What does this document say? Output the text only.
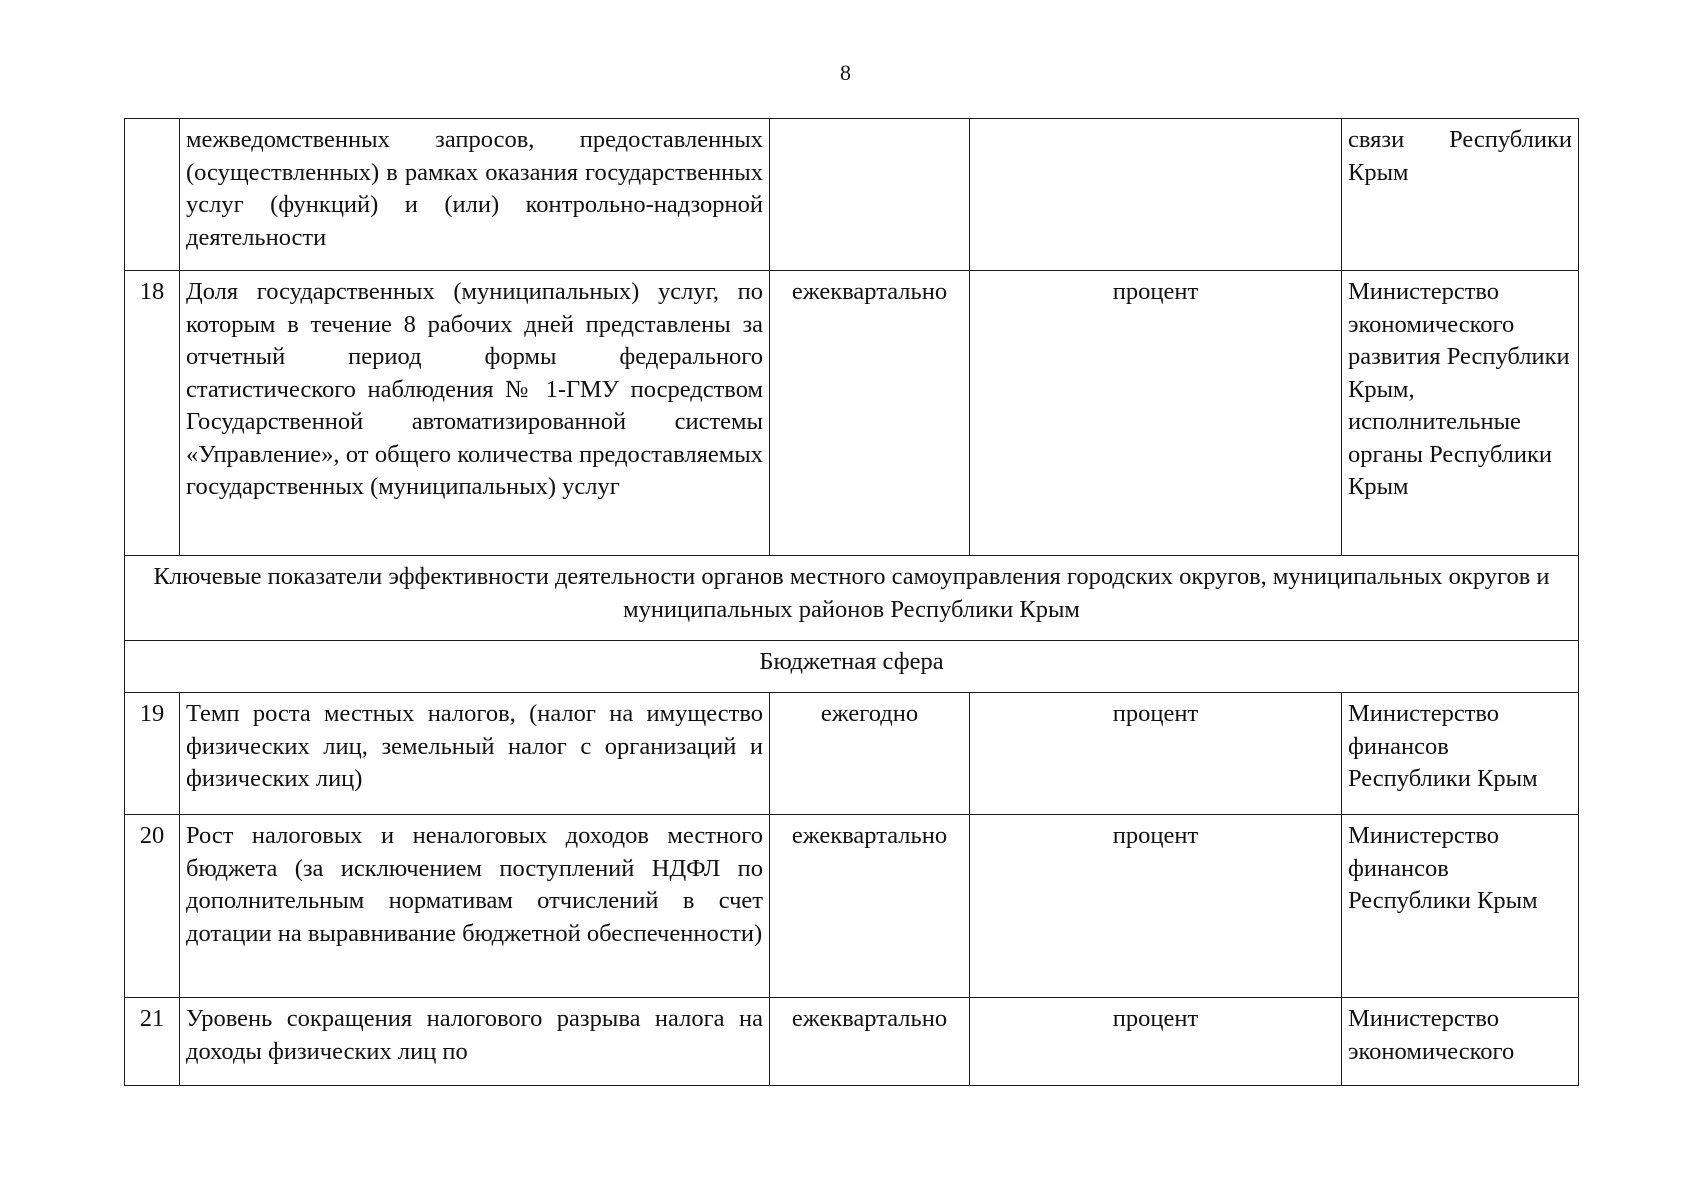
8
	межведомственных запросов, предоставленных (осуществленных) в рамках оказания государственных услуг (функций) и (или) контрольно-надзорной деятельности			связи Республики Крым
18	Доля государственных (муниципальных) услуг, по которым в течение 8 рабочих дней представлены за отчетный период формы федерального статистического наблюдения № 1-ГМУ посредством Государственной автоматизированной системы «Управление», от общего количества предоставляемых государственных (муниципальных) услуг	ежеквартально	процент	Министерство экономического развития Республики Крым, исполнительные органы Республики Крым
Ключевые показатели эффективности деятельности органов местного самоуправления городских округов, муниципальных округов и муниципальных районов Республики Крым				
Бюджетная сфера				
19	Темп роста местных налогов, (налог на имущество физических лиц, земельный налог с организаций и физических лиц)	ежегодно	процент	Министерство финансов Республики Крым
20	Рост налоговых и неналоговых доходов местного бюджета (за исключением поступлений НДФЛ по дополнительным нормативам отчислений в счет дотации на выравнивание бюджетной обеспеченности)	ежеквартально	процент	Министерство финансов Республики Крым
21	Уровень сокращения налогового разрыва налога на доходы физических лиц по	ежеквартально	процент	Министерство экономического
